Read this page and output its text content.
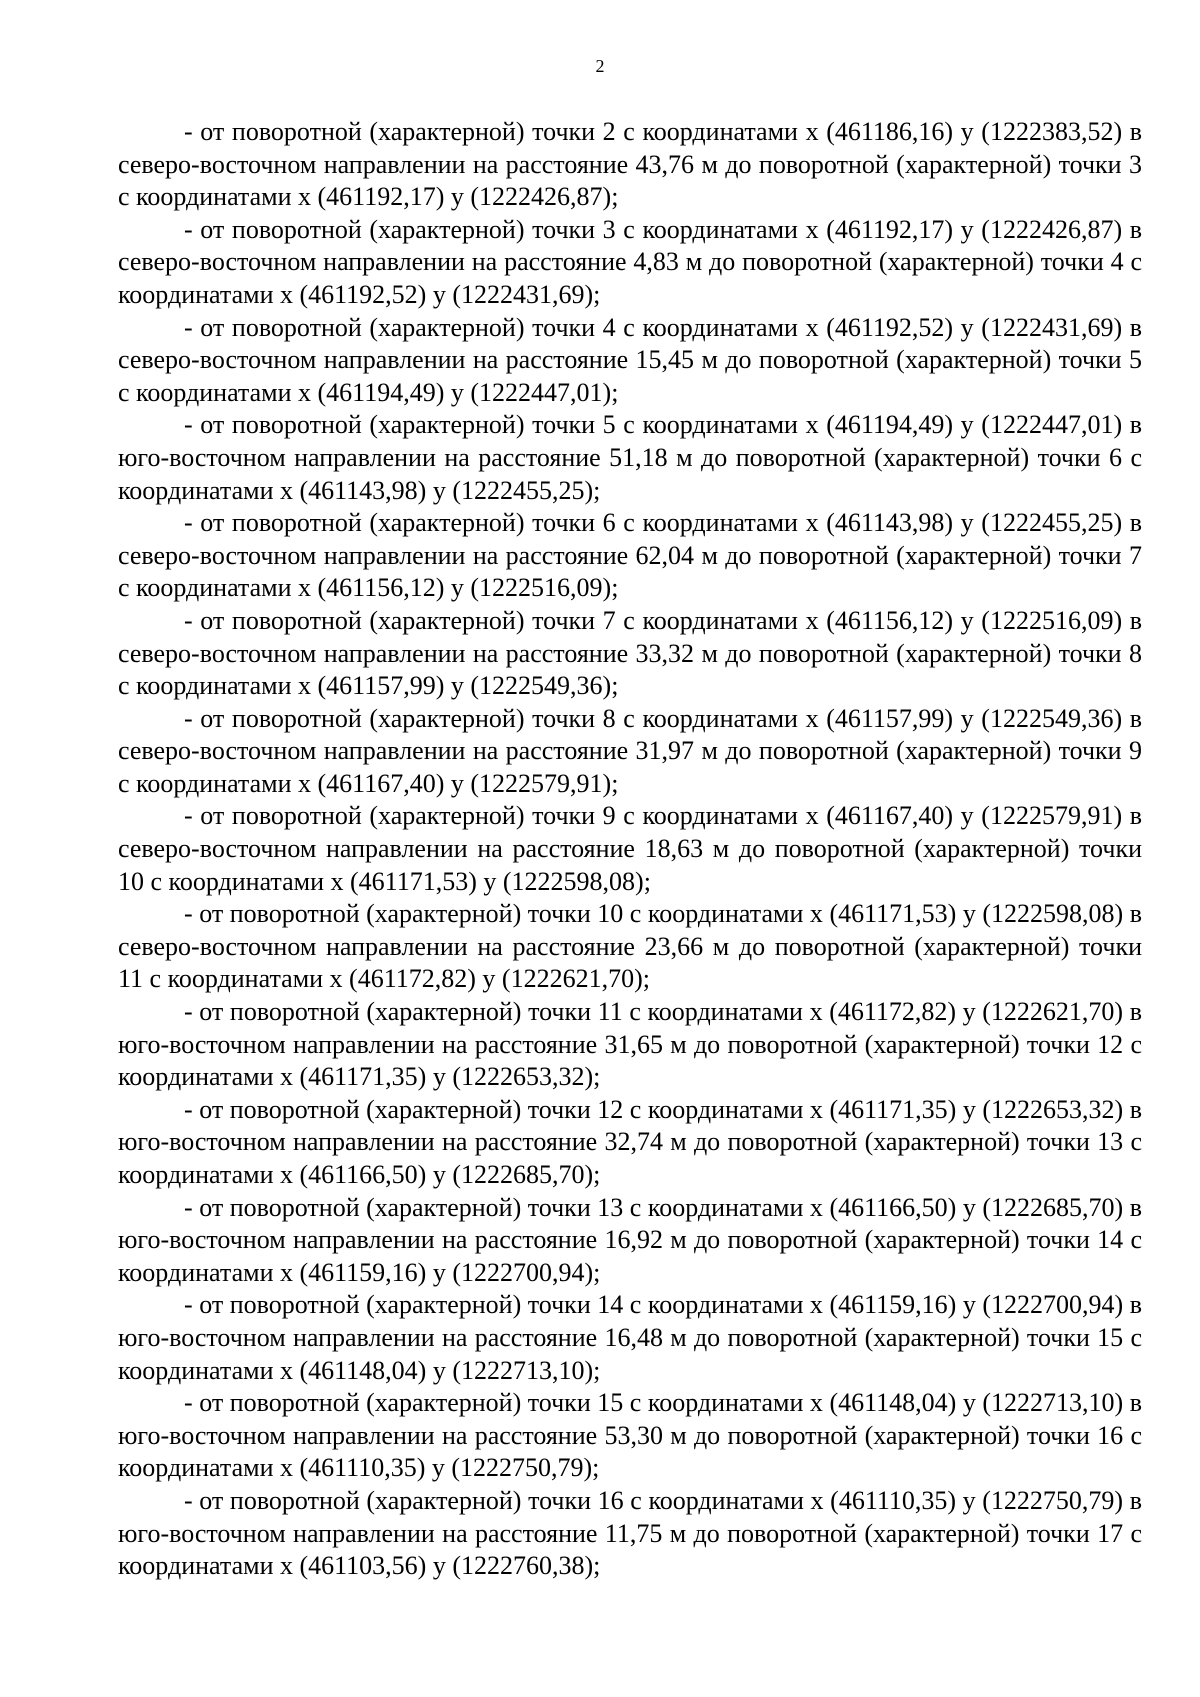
2

- от поворотной (характерной) точки 2 с координатами х (461186,16) у (1222383,52) в северо-восточном направлении на расстояние 43,76 м до поворотной (характерной) точки 3 с координатами х (461192,17) у (1222426,87);

- от поворотной (характерной) точки 3 с координатами х (461192,17) у (1222426,87) в северо-восточном направлении на расстояние 4,83 м до поворотной (характерной) точки 4 с координатами х (461192,52) у (1222431,69);

- от поворотной (характерной) точки 4 с координатами х (461192,52) у (1222431,69) в северо-восточном направлении на расстояние 15,45 м до поворотной (характерной) точки 5 с координатами х (461194,49) у (1222447,01);

- от поворотной (характерной) точки 5 с координатами х (461194,49) у (1222447,01) в юго-восточном направлении на расстояние 51,18 м до поворотной (характерной) точки 6 с координатами х (461143,98) у (1222455,25);

- от поворотной (характерной) точки 6 с координатами х (461143,98) у (1222455,25) в северо-восточном направлении на расстояние 62,04 м до поворотной (характерной) точки 7 с координатами х (461156,12) у (1222516,09);

- от поворотной (характерной) точки 7 с координатами х (461156,12) у (1222516,09) в северо-восточном направлении на расстояние 33,32 м до поворотной (характерной) точки 8 с координатами х (461157,99) у (1222549,36);

- от поворотной (характерной) точки 8 с координатами х (461157,99) у (1222549,36) в северо-восточном направлении на расстояние 31,97 м до поворотной (характерной) точки 9 с координатами х (461167,40) у (1222579,91);

- от поворотной (характерной) точки 9 с координатами х (461167,40) у (1222579,91) в северо-восточном направлении на расстояние 18,63 м до поворотной (характерной) точки 10 с координатами х (461171,53) у (1222598,08);

- от поворотной (характерной) точки 10 с координатами х (461171,53) у (1222598,08) в северо-восточном направлении на расстояние 23,66 м до поворотной (характерной) точки 11 с координатами х (461172,82) у (1222621,70);

- от поворотной (характерной) точки 11 с координатами х (461172,82) у (1222621,70) в юго-восточном направлении на расстояние 31,65 м до поворотной (характерной) точки 12 с координатами х (461171,35) у (1222653,32);

- от поворотной (характерной) точки 12 с координатами х (461171,35) у (1222653,32) в юго-восточном направлении на расстояние 32,74 м до поворотной (характерной) точки 13 с координатами х (461166,50) у (1222685,70);

- от поворотной (характерной) точки 13 с координатами х (461166,50) у (1222685,70) в юго-восточном направлении на расстояние 16,92 м до поворотной (характерной) точки 14 с координатами х (461159,16) у (1222700,94);

- от поворотной (характерной) точки 14 с координатами х (461159,16) у (1222700,94) в юго-восточном направлении на расстояние 16,48 м до поворотной (характерной) точки 15 с координатами х (461148,04) у (1222713,10);

- от поворотной (характерной) точки 15 с координатами х (461148,04) у (1222713,10) в юго-восточном направлении на расстояние 53,30 м до поворотной (характерной) точки 16 с координатами х (461110,35) у (1222750,79);

- от поворотной (характерной) точки 16 с координатами х (461110,35) у (1222750,79) в юго-восточном направлении на расстояние 11,75 м до поворотной (характерной) точки 17 с координатами х (461103,56) у (1222760,38);
